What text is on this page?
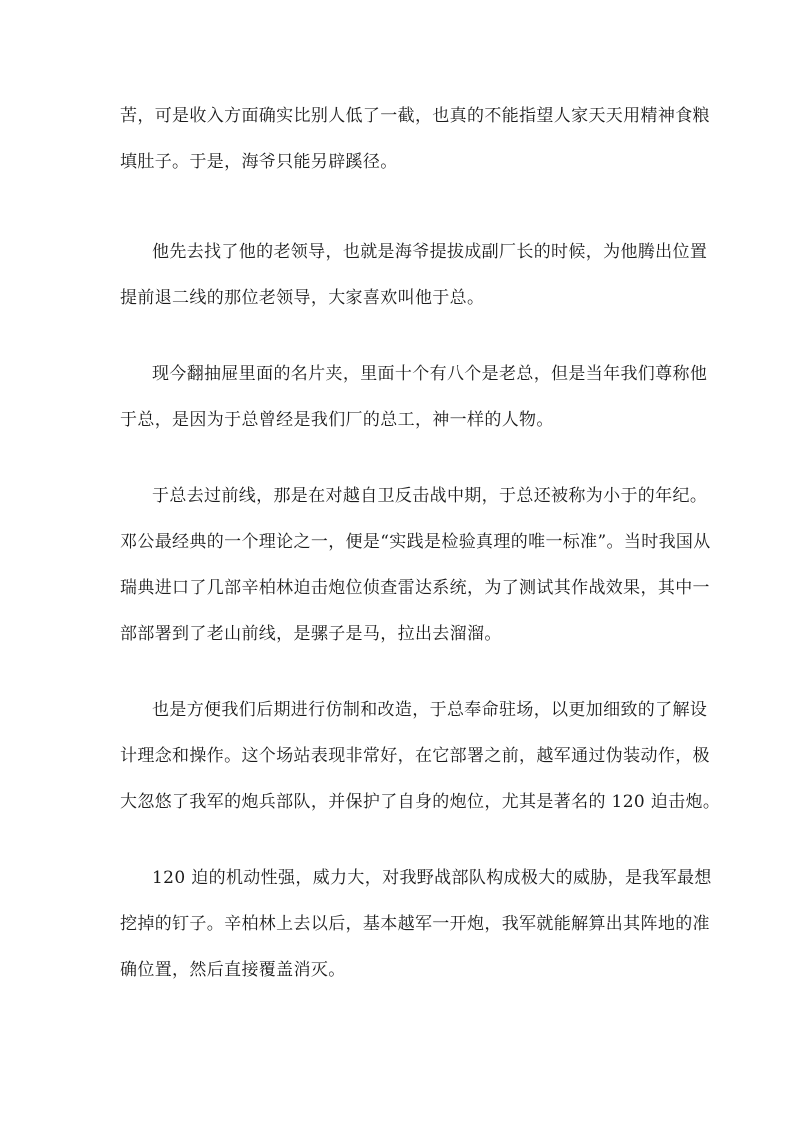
苦，可是收入方面确实比别人低了一截，也真的不能指望人家天天用精神食粮
填肚子。于是，海爷只能另辟蹊径。
他先去找了他的老领导，也就是海爷提拔成副厂长的时候，为他腾出位置
提前退二线的那位老领导，大家喜欢叫他于总。
现今翻抽屉里面的名片夹，里面十个有八个是老总，但是当年我们尊称他
于总，是因为于总曾经是我们厂的总工，神一样的人物。
于总去过前线，那是在对越自卫反击战中期，于总还被称为小于的年纪。
邓公最经典的一个理论之一，便是“实践是检验真理的唯一标准”。当时我国从
瑞典进口了几部辛柏林迫击炮位侦查雷达系统，为了测试其作战效果，其中一
部部署到了老山前线，是骡子是马，拉出去溜溜。
也是方便我们后期进行仿制和改造，于总奉命驻场，以更加细致的了解设
计理念和操作。这个场站表现非常好，在它部署之前，越军通过伪装动作，极
大忽悠了我军的炮兵部队，并保护了自身的炮位，尤其是著名的 120 迫击炮。
120 迫的机动性强，威力大，对我野战部队构成极大的威胁，是我军最想
挖掉的钉子。辛柏林上去以后，基本越军一开炮，我军就能解算出其阵地的准
确位置，然后直接覆盖消灭。
